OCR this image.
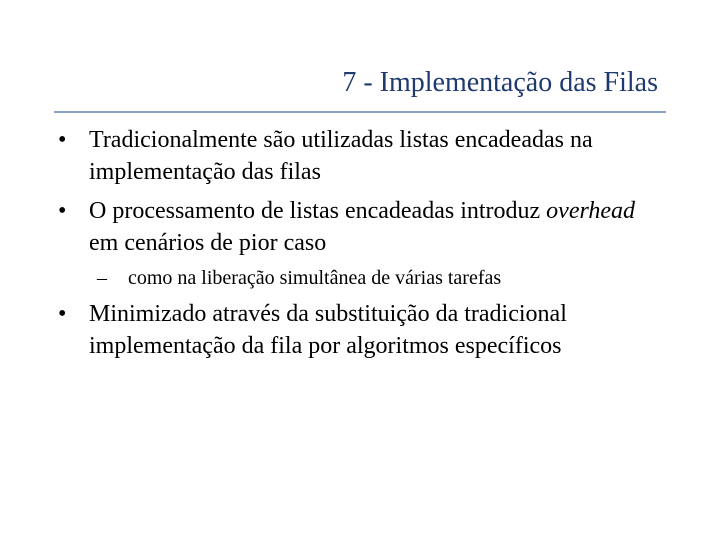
7 - Implementação das Filas
• Tradicionalmente são utilizadas listas encadeadas na implementação das filas
• O processamento de listas encadeadas introduz overhead em cenários de pior caso
– como na liberação simultânea de várias tarefas
• Minimizado através da substituição da tradicional implementação da fila por algoritmos específicos
